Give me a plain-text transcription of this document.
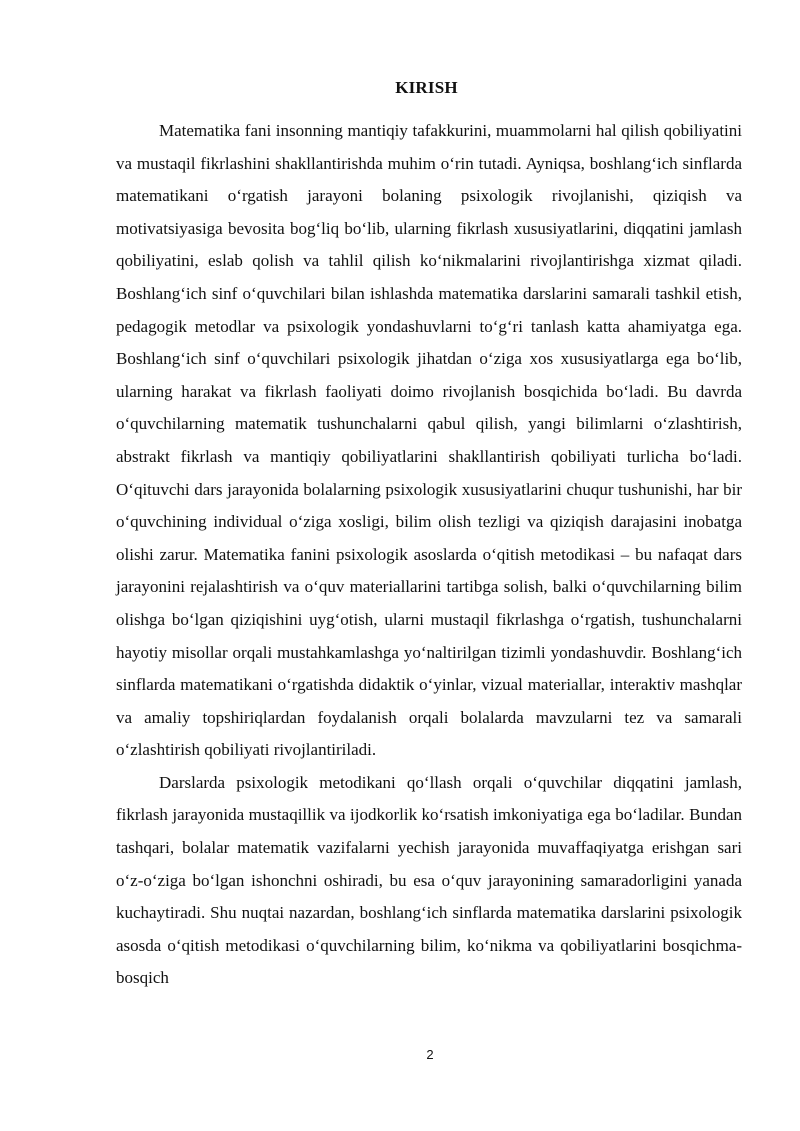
KIRISH

Matematika fani insonning mantiqiy tafakkurini, muammolarni hal qilish qobiliyatini va mustaqil fikrlashini shakllantirishda muhim o‘rin tutadi. Ayniqsa, boshlang‘ich sinflarda matematikani o‘rgatish jarayoni bolaning psixologik rivojlanishi, qiziqish va motivatsiyasiga bevosita bog‘liq bo‘lib, ularning fikrlash xususiyatlarini, diqqatini jamlash qobiliyatini, eslab qolish va tahlil qilish ko‘nikmalarini rivojlantirishga xizmat qiladi. Boshlang‘ich sinf o‘quvchilari bilan ishlashda matematika darslarini samarali tashkil etish, pedagogik metodlar va psixologik yondashuvlarni to‘g‘ri tanlash katta ahamiyatga ega. Boshlang‘ich sinf o‘quvchilari psixologik jihatdan o‘ziga xos xususiyatlarga ega bo‘lib, ularning harakat va fikrlash faoliyati doimo rivojlanish bosqichida bo‘ladi. Bu davrda o‘quvchilarning matematik tushunchalarni qabul qilish, yangi bilimlarni o‘zlashtirish, abstrakt fikrlash va mantiqiy qobiliyatlarini shakllantirish qobiliyati turlicha bo‘ladi. O‘qituvchi dars jarayonida bolalarning psixologik xususiyatlarini chuqur tushunishi, har bir o‘quvchining individual o‘ziga xosligi, bilim olish tezligi va qiziqish darajasini inobatga olishi zarur. Matematika fanini psixologik asoslarda o‘qitish metodikasi – bu nafaqat dars jarayonini rejalashtirish va o‘quv materiallarini tartibga solish, balki o‘quvchilarning bilim olishga bo‘lgan qiziqishini uyg‘otish, ularni mustaqil fikrlashga o‘rgatish, tushunchalarni hayotiy misollar orqali mustahkamlashga yo‘naltirilgan tizimli yondashuvdir. Boshlang‘ich sinflarda matematikani o‘rgatishda didaktik o‘yinlar, vizual materiallar, interaktiv mashqlar va amaliy topshiriqlardan foydalanish orqali bolalarda mavzularni tez va samarali o‘zlashtirish qobiliyati rivojlantiriladi.

Darslarda psixologik metodikani qo‘llash orqali o‘quvchilar diqqatini jamlash, fikrlash jarayonida mustaqillik va ijodkorlik ko‘rsatish imkoniyatiga ega bo‘ladilar. Bundan tashqari, bolalar matematik vazifalarni yechish jarayonida muvaffaqiyatga erishgan sari o‘z-o‘ziga bo‘lgan ishonchni oshiradi, bu esa o‘quv jarayonining samaradorligini yanada kuchaytiradi. Shu nuqtai nazardan, boshlang‘ich sinflarda matematika darslarini psixologik asosda o‘qitish metodikasi o‘quvchilarning bilim, ko‘nikma va qobiliyatlarini bosqichma-bosqich

2
